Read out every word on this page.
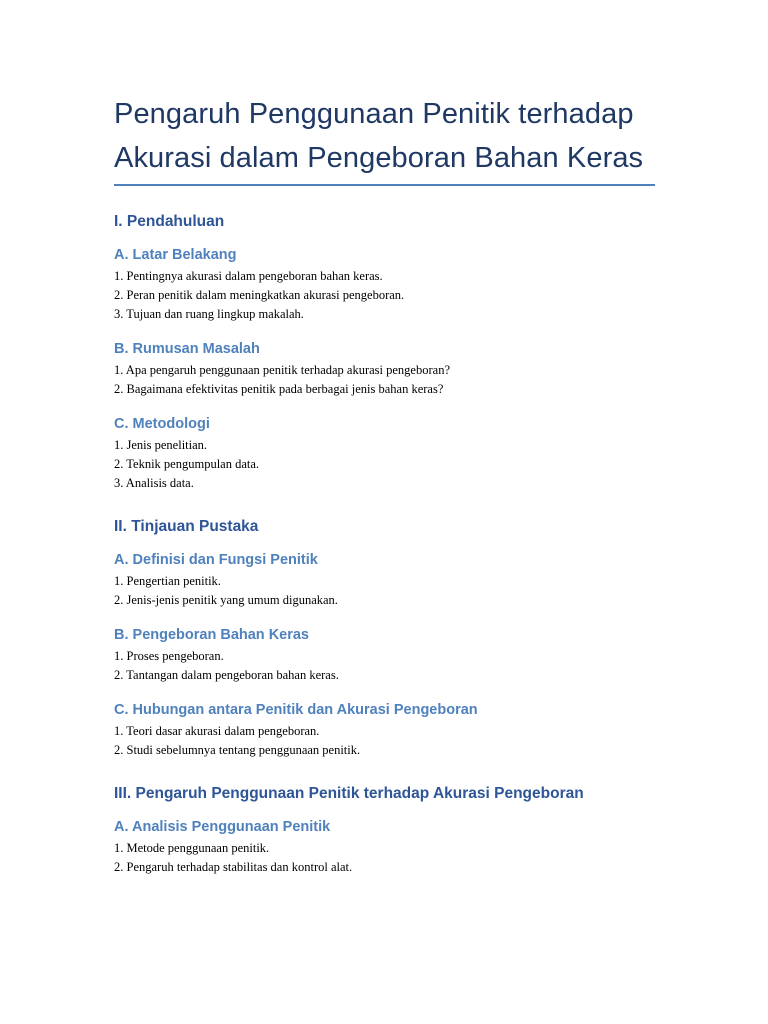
Pengaruh Penggunaan Penitik terhadap
Akurasi dalam Pengeboran Bahan Keras
I. Pendahuluan
A. Latar Belakang

1. Pentingnya akurasi dalam pengeboran bahan keras.

2. Peran penitik dalam meningkatkan akurasi pengeboran.

3. Tujuan dan ruang lingkup makalah.

B. Rumusan Masalah

1. Apa pengaruh penggunaan penitik terhadap akurasi pengeboran?

2. Bagaimana efektivitas penitik pada berbagai jenis bahan keras?

C. Metodologi

1. Jenis penelitian.

2. Teknik pengumpulan data.

3. Analisis data.

II. Tinjauan Pustaka
A. Definisi dan Fungsi Penitik

1. Pengertian penitik.

2. Jenis-jenis penitik yang umum digunakan.

B. Pengeboran Bahan Keras

1. Proses pengeboran.

2. Tantangan dalam pengeboran bahan keras.

C. Hubungan antara Penitik dan Akurasi Pengeboran

1. Teori dasar akurasi dalam pengeboran.

2. Studi sebelumnya tentang penggunaan penitik.

III. Pengaruh Penggunaan Penitik terhadap Akurasi Pengeboran
A. Analisis Penggunaan Penitik

1. Metode penggunaan penitik.

2. Pengaruh terhadap stabilitas dan kontrol alat.
